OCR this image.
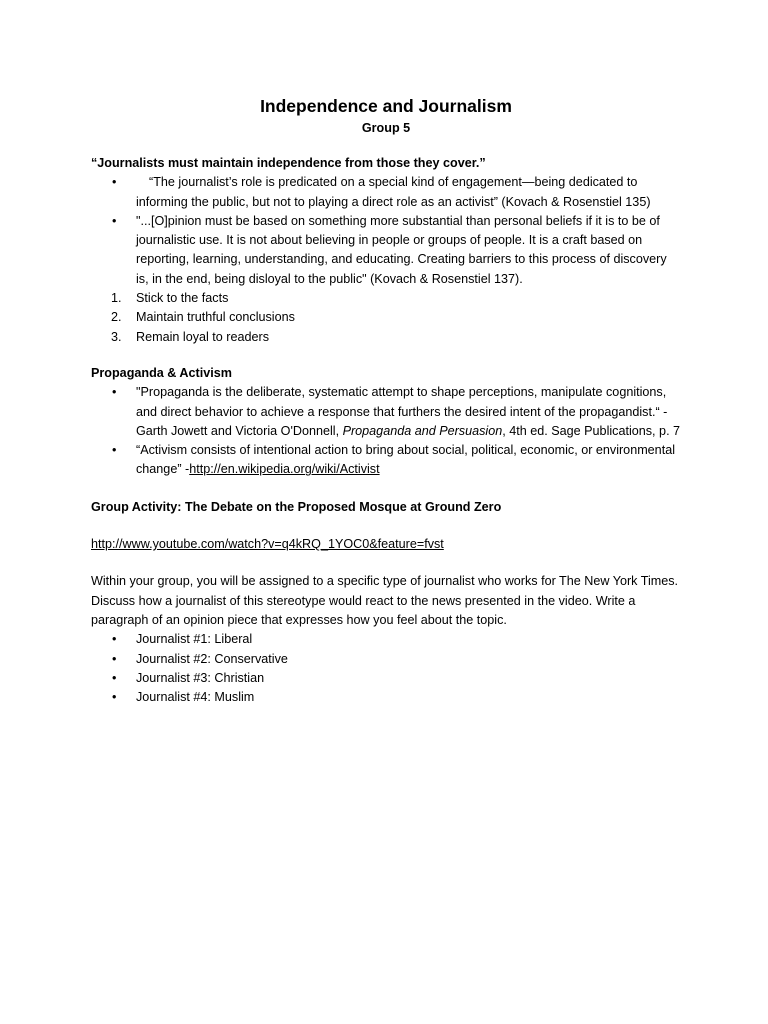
Independence and Journalism
Group 5

“Journalists must maintain independence from those they cover.”

•	“The journalist’s role is predicated on a special kind of engagement—being dedicated to informing the public, but not to playing a direct role as an activist” (Kovach & Rosenstiel 135)
• "...[O]pinion must be based on something more substantial than personal beliefs if it is to be of journalistic use. It is not about believing in people or groups of people. It is a craft based on reporting, learning, understanding, and educating. Creating barriers to this process of discovery is, in the end, being disloyal to the public" (Kovach & Rosenstiel 137).
1. Stick to the facts
2. Maintain truthful conclusions
3. Remain loyal to readers

Propaganda & Activism

• "Propaganda is the deliberate, systematic attempt to shape perceptions, manipulate cognitions, and direct behavior to achieve a response that furthers the desired intent of the propagandist.“ -Garth Jowett and Victoria O'Donnell, Propaganda and Persuasion, 4th ed. Sage Publications, p. 7
• “Activism consists of intentional action to bring about social, political, economic, or environmental change” -http://en.wikipedia.org/wiki/Activist

Group Activity: The Debate on the Proposed Mosque at Ground Zero

http://www.youtube.com/watch?v=q4kRQ_1YOC0&feature=fvst

Within your group, you will be assigned to a specific type of journalist who works for The New York Times. Discuss how a journalist of this stereotype would react to the news presented in the video. Write a paragraph of an opinion piece that expresses how you feel about the topic.

• Journalist #1: Liberal
• Journalist #2: Conservative
• Journalist #3: Christian
• Journalist #4: Muslim
